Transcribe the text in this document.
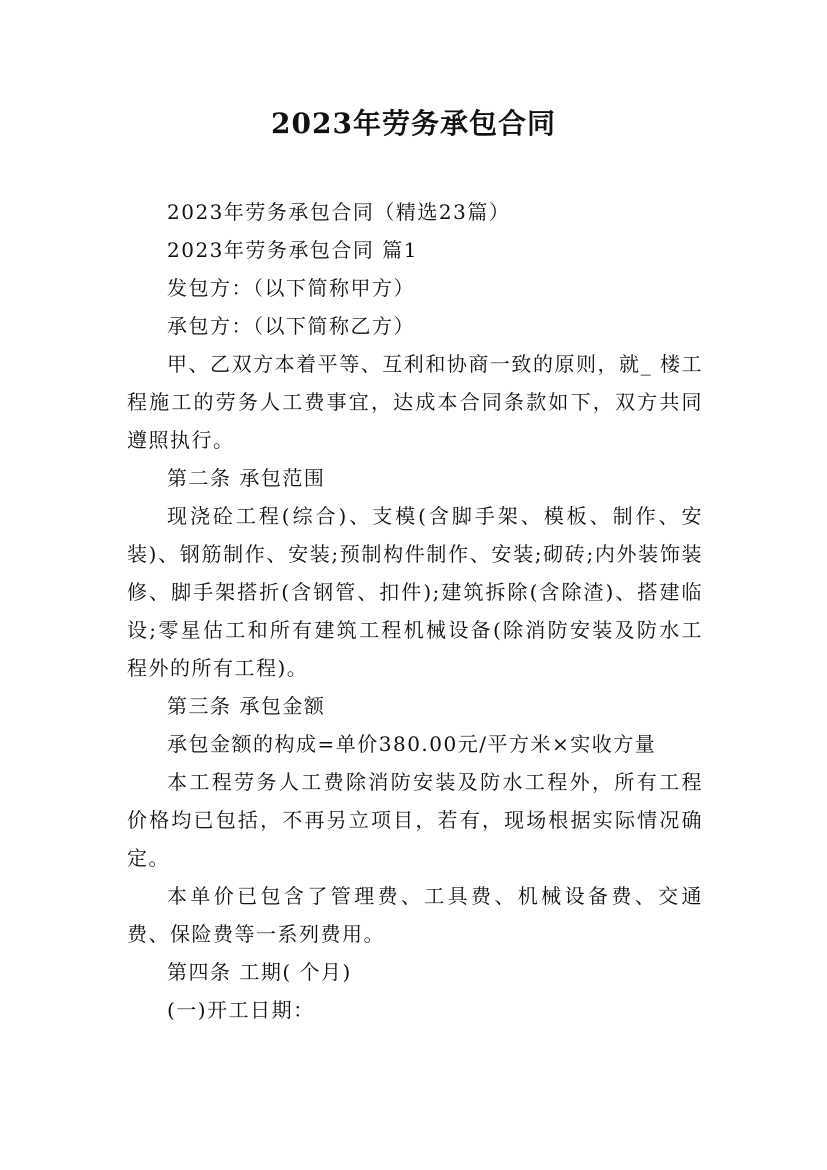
2023年劳务承包合同

2023年劳务承包合同（精选23篇）

2023年劳务承包合同 篇1

发包方：（以下简称甲方）

承包方：（以下简称乙方）

甲、乙双方本着平等、互利和协商一致的原则，就_ 楼工程施工的劳务人工费事宜，达成本合同条款如下，双方共同遵照执行。

第二条 承包范围

现浇砼工程(综合)、支模(含脚手架、模板、制作、安装)、钢筋制作、安装;预制构件制作、安装;砌砖;内外装饰装修、脚手架搭折(含钢管、扣件);建筑拆除(含除渣)、搭建临设;零星估工和所有建筑工程机械设备(除消防安装及防水工程外的所有工程)。

第三条 承包金额

承包金额的构成=单价380.00元/平方米×实收方量

本工程劳务人工费除消防安装及防水工程外，所有工程价格均已包括，不再另立项目，若有，现场根据实际情况确定。

本单价已包含了管理费、工具费、机械设备费、交通费、保险费等一系列费用。

第四条 工期( 个月)

(一)开工日期：
